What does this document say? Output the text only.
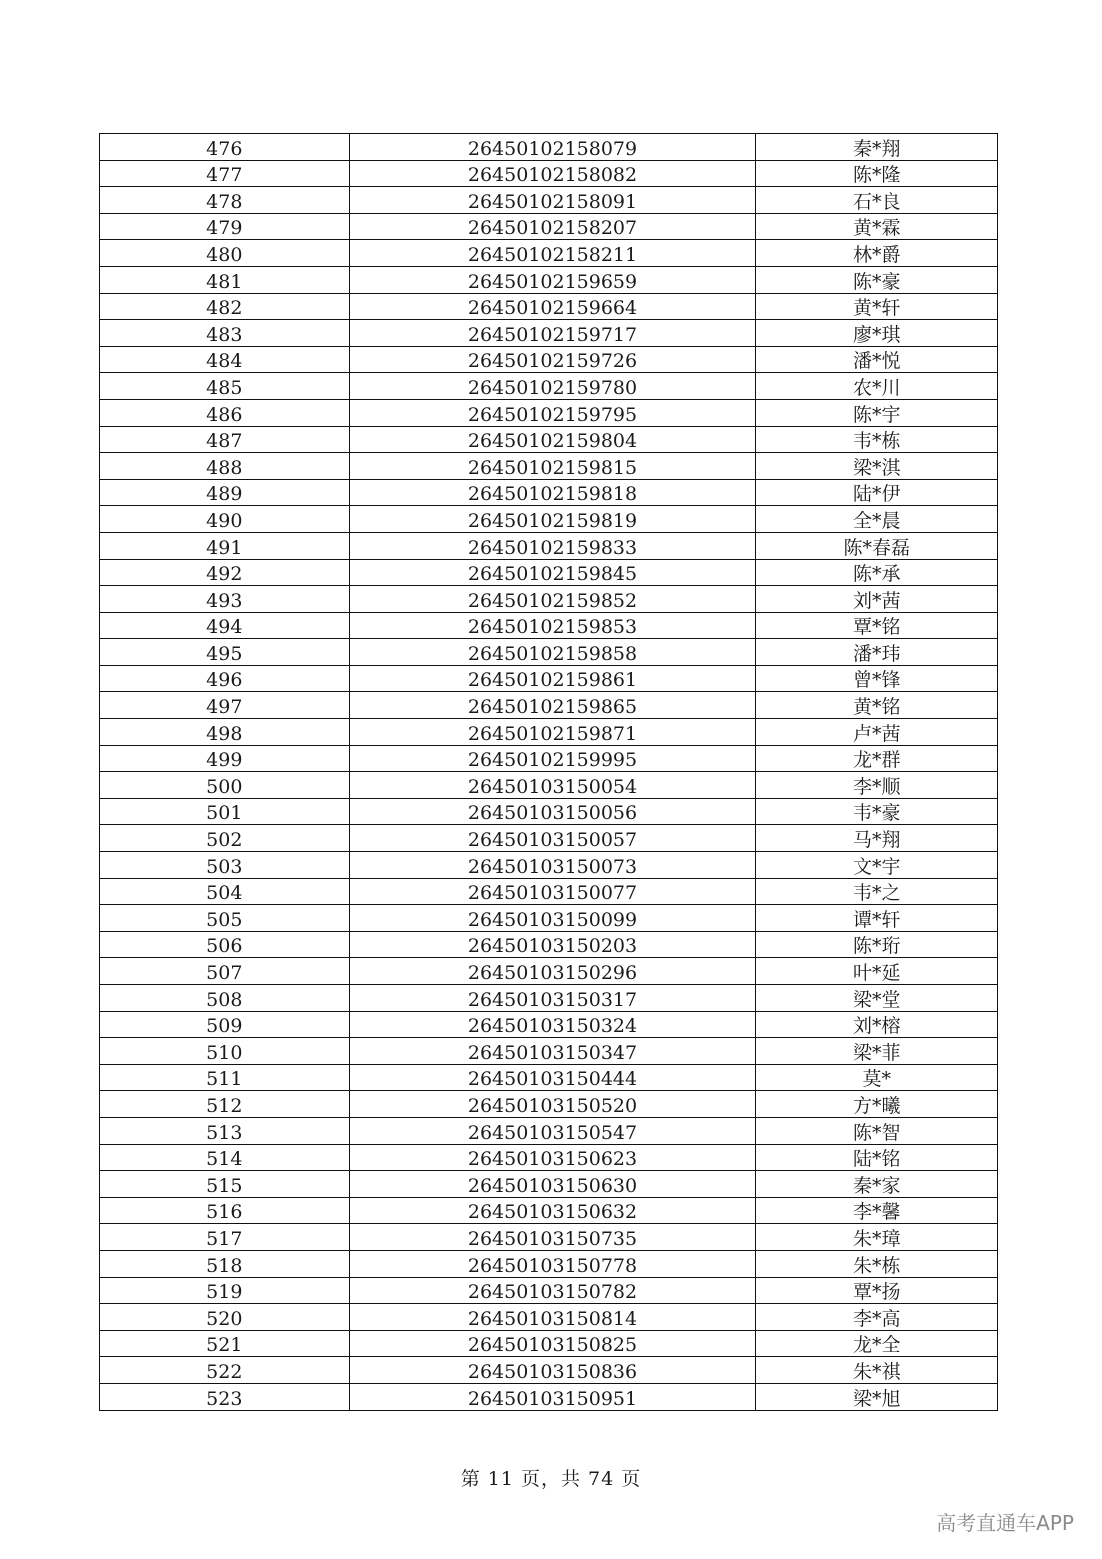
476	26450102158079	秦*翔
477	26450102158082	陈*隆
478	26450102158091	石*良
479	26450102158207	黄*霖
480	26450102158211	林*爵
481	26450102159659	陈*豪
482	26450102159664	黄*轩
483	26450102159717	廖*琪
484	26450102159726	潘*悦
485	26450102159780	农*川
486	26450102159795	陈*宇
487	26450102159804	韦*栋
488	26450102159815	梁*淇
489	26450102159818	陆*伊
490	26450102159819	全*晨
491	26450102159833	陈*春磊
492	26450102159845	陈*承
493	26450102159852	刘*茜
494	26450102159853	覃*铭
495	26450102159858	潘*玮
496	26450102159861	曾*锋
497	26450102159865	黄*铭
498	26450102159871	卢*茜
499	26450102159995	龙*群
500	26450103150054	李*顺
501	26450103150056	韦*豪
502	26450103150057	马*翔
503	26450103150073	文*宇
504	26450103150077	韦*之
505	26450103150099	谭*轩
506	26450103150203	陈*珩
507	26450103150296	叶*延
508	26450103150317	梁*堂
509	26450103150324	刘*榕
510	26450103150347	梁*菲
511	26450103150444	莫*
512	26450103150520	方*曦
513	26450103150547	陈*智
514	26450103150623	陆*铭
515	26450103150630	秦*家
516	26450103150632	李*馨
517	26450103150735	朱*璋
518	26450103150778	朱*栋
519	26450103150782	覃*扬
520	26450103150814	李*高
521	26450103150825	龙*全
522	26450103150836	朱*祺
523	26450103150951	梁*旭
第 11 页，共 74 页
高考直通车APP
